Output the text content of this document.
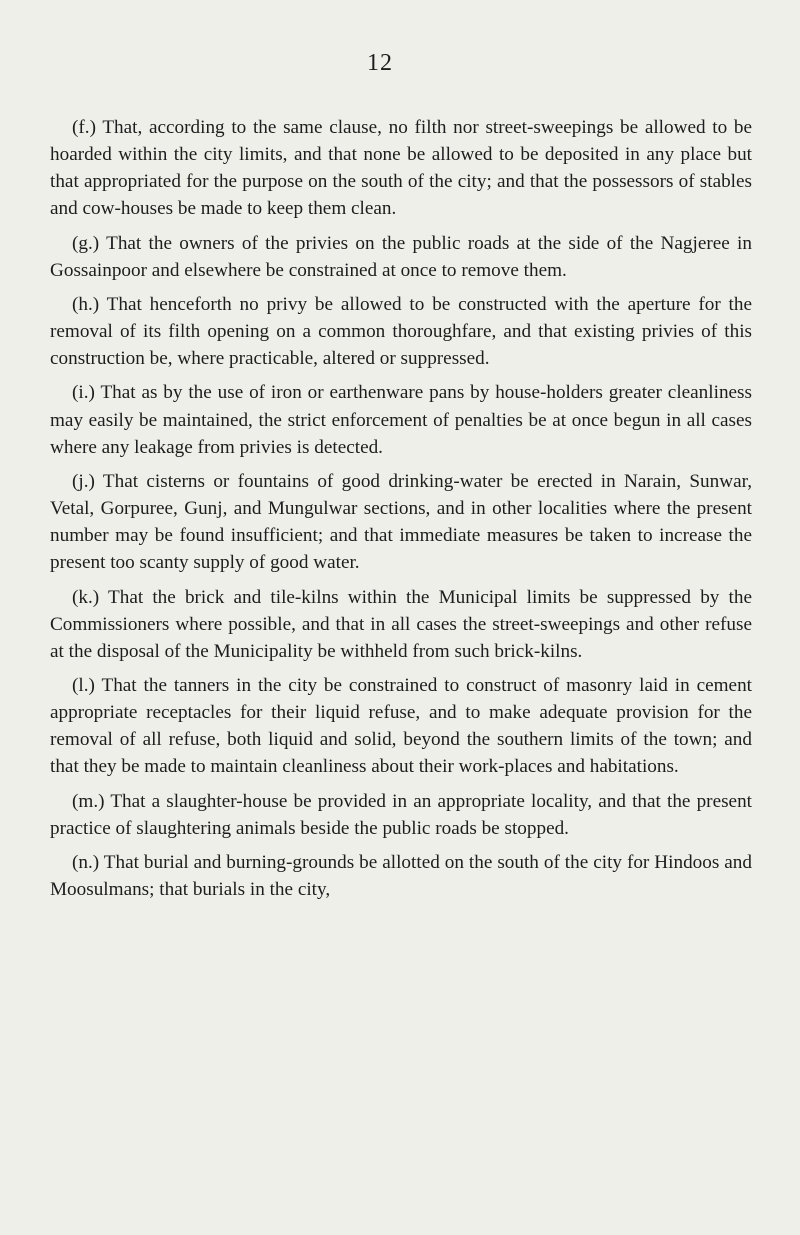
12

(f.) That, according to the same clause, no filth nor street-sweepings be allowed to be hoarded within the city limits, and that none be allowed to be deposited in any place but that appropriated for the purpose on the south of the city; and that the possessors of stables and cow-houses be made to keep them clean.

(g.) That the owners of the privies on the public roads at the side of the Nagjeree in Gossainpoor and elsewhere be constrained at once to remove them.

(h.) That henceforth no privy be allowed to be constructed with the aperture for the removal of its filth opening on a common thoroughfare, and that existing privies of this construction be, where practicable, altered or suppressed.

(i.) That as by the use of iron or earthenware pans by house-holders greater cleanliness may easily be maintained, the strict enforcement of penalties be at once begun in all cases where any leakage from privies is detected.

(j.) That cisterns or fountains of good drinking-water be erected in Narain, Sunwar, Vetal, Gorpuree, Gunj, and Mungulwar sections, and in other localities where the present number may be found insufficient; and that immediate measures be taken to increase the present too scanty supply of good water.

(k.) That the brick and tile-kilns within the Municipal limits be suppressed by the Commissioners where possible, and that in all cases the street-sweepings and other refuse at the disposal of the Municipality be withheld from such brick-kilns.

(l.) That the tanners in the city be constrained to construct of masonry laid in cement appropriate receptacles for their liquid refuse, and to make adequate provision for the removal of all refuse, both liquid and solid, beyond the southern limits of the town; and that they be made to maintain cleanliness about their work-places and habitations.

(m.) That a slaughter-house be provided in an appropriate locality, and that the present practice of slaughtering animals beside the public roads be stopped.

(n.) That burial and burning-grounds be allotted on the south of the city for Hindoos and Moosulmans; that burials in the city,
